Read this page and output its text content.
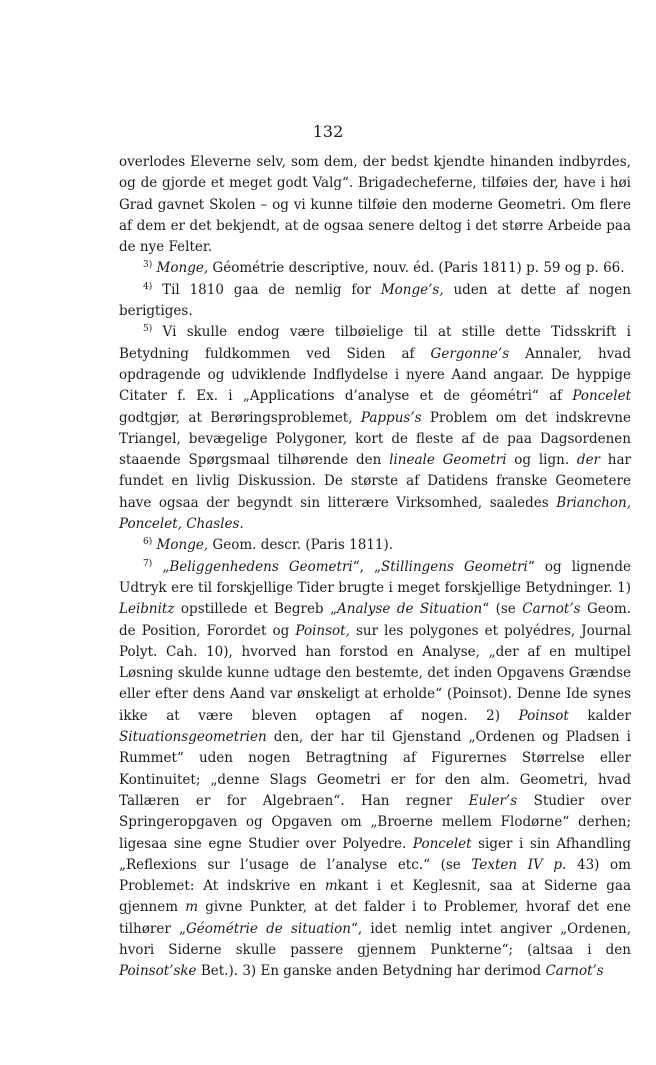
132

overlodes Eleverne selv, som dem, der bedst kjendte hinanden indbyrdes, og de gjorde et meget godt Valg“. Brigadecheferne, tilføies der, have i høi Grad gavnet Skolen – og vi kunne tilføie den moderne Geometri. Om flere af dem er det bekjendt, at de ogsaa senere deltog i det større Arbeide paa de nye Felter.

$^{3)}$ Monge, Géométrie descriptive, nouv. éd. (Paris 1811) p. 59 og p. 66.

$^{4)}$ Til 1810 gaa de nemlig for Monge’s, uden at dette af nogen berigtiges.

$^{5)}$ Vi skulle endog være tilbøielige til at stille dette Tidsskrift i Betydning fuldkommen ved Siden af Gergonne’s Annaler, hvad opdragende og udviklende Indflydelse i nyere Aand angaar. De hyppige Citater f. Ex. i „Applications d’analyse et de géométri“ af Poncelet godtgjør, at Berøringsproblemet, Pappus’s Problem om det indskrevne Triangel, bevægelige Polygoner, kort de fleste af de paa Dagsordenen staaende Spørgsmaal tilhørende den lineale Geometri og lign. der har fundet en livlig Diskussion. De største af Datidens franske Geometere have ogsaa der begyndt sin litterære Virksomhed, saaledes Brianchon, Poncelet, Chasles.

$^{6)}$ Monge, Geom. descr. (Paris 1811).

$^{7)}$ „Beliggenhedens Geometri“, „Stillingens Geometri“ og lignende Udtryk ere til forskjellige Tider brugte i meget forskjellige Betydninger. 1) Leibnitz opstillede et Begreb „Analyse de Situation“ (se Carnot’s Geom. de Position, Forordet og Poinsot, sur les polygones et polyédres, Journal Polyt. Cah. 10), hvorved han forstod en Analyse, „der af en multipel Løsning skulde kunne udtage den bestemte, det inden Opgavens Grændse eller efter dens Aand var ønskeligt at erholde“ (Poinsot). Denne Ide synes ikke at være bleven optagen af nogen. 2) Poinsot kalder Situationsgeometrien den, der har til Gjenstand „Ordenen og Pladsen i Rummet“ uden nogen Betragtning af Figurernes Størrelse eller Kontinuitet; „denne Slags Geometri er for den alm. Geometri, hvad Tallæren er for Algebraen“. Han regner Euler’s Studier over Springeropgaven og Opgaven om „Broerne mellem Flodørne“ derhen; ligesaa sine egne Studier over Polyedre. Poncelet siger i sin Afhandling „Reflexions sur l’usage de l’analyse etc.“ (se Texten IV p. 43) om Problemet: At indskrive en mkant i et Keglesnit, saa at Siderne gaa gjennem m givne Punkter, at det falder i to Problemer, hvoraf det ene tilhører „Géométrie de situation“, idet nemlig intet angiver „Ordenen, hvori Siderne skulle passere gjennem Punkterne“; (altsaa i den Poinsot’ske Bet.). 3) En ganske anden Betydning har derimod Carnot’s
